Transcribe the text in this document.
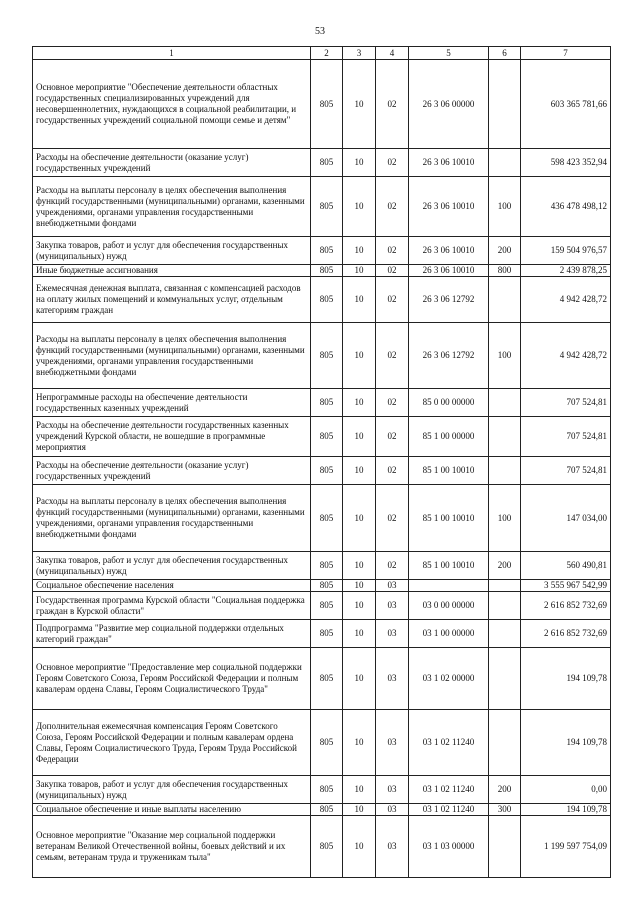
53
1	2	3	4	5	6	7
Основное мероприятие "Обеспечение деятельности областных государственных специализированных учреждений для несовершеннолетних, нуждающихся в социальной реабилитации, и государственных учреждений социальной помощи семье и детям"	805	10	02	26 3 06 00000		603 365 781,66
Расходы на обеспечение деятельности (оказание услуг) государственных учреждений	805	10	02	26 3 06 10010		598 423 352,94
Расходы на выплаты персоналу в целях обеспечения выполнения функций государственными (муниципальными) органами, казенными учреждениями, органами управления государственными внебюджетными фондами	805	10	02	26 3 06 10010	100	436 478 498,12
Закупка товаров, работ и услуг для обеспечения государственных (муниципальных) нужд	805	10	02	26 3 06 10010	200	159 504 976,57
Иные бюджетные ассигнования	805	10	02	26 3 06 10010	800	2 439 878,25
Ежемесячная денежная выплата, связанная с компенсацией расходов на оплату жилых помещений и коммунальных услуг, отдельным категориям граждан	805	10	02	26 3 06 12792		4 942 428,72
Расходы на выплаты персоналу в целях обеспечения выполнения функций государственными (муниципальными) органами, казенными учреждениями, органами управления государственными внебюджетными фондами	805	10	02	26 3 06 12792	100	4 942 428,72
Непрограммные расходы на обеспечение деятельности государственных казенных учреждений	805	10	02	85 0 00 00000		707 524,81
Расходы на обеспечение деятельности государственных казенных учреждений Курской области, не вошедшие в программные мероприятия	805	10	02	85 1 00 00000		707 524,81
Расходы на обеспечение деятельности (оказание услуг) государственных учреждений	805	10	02	85 1 00 10010		707 524,81
Расходы на выплаты персоналу в целях обеспечения выполнения функций государственными (муниципальными) органами, казенными учреждениями, органами управления государственными внебюджетными фондами	805	10	02	85 1 00 10010	100	147 034,00
Закупка товаров, работ и услуг для обеспечения государственных (муниципальных) нужд	805	10	02	85 1 00 10010	200	560 490,81
Социальное обеспечение населения	805	10	03			3 555 967 542,99
Государственная программа Курской области "Социальная поддержка граждан в Курской области"	805	10	03	03 0 00 00000		2 616 852 732,69
Подпрограмма "Развитие мер социальной поддержки отдельных категорий граждан"	805	10	03	03 1 00 00000		2 616 852 732,69
Основное мероприятие "Предоставление мер социальной поддержки Героям Советского Союза, Героям Российской Федерации и полным кавалерам ордена Славы, Героям Социалистического Труда"	805	10	03	03 1 02 00000		194 109,78
Дополнительная ежемесячная компенсация Героям Советского Союза, Героям Российской Федерации и полным кавалерам ордена Славы, Героям Социалистического Труда, Героям Труда Российской Федерации	805	10	03	03 1 02 11240		194 109,78
Закупка товаров, работ и услуг для обеспечения государственных (муниципальных) нужд	805	10	03	03 1 02 11240	200	0,00
Социальное обеспечение и иные выплаты населению	805	10	03	03 1 02 11240	300	194 109,78
Основное мероприятие "Оказание мер социальной поддержки ветеранам Великой Отечественной войны, боевых действий и их семьям, ветеранам труда и труженикам тыла"	805	10	03	03 1 03 00000		1 199 597 754,09
